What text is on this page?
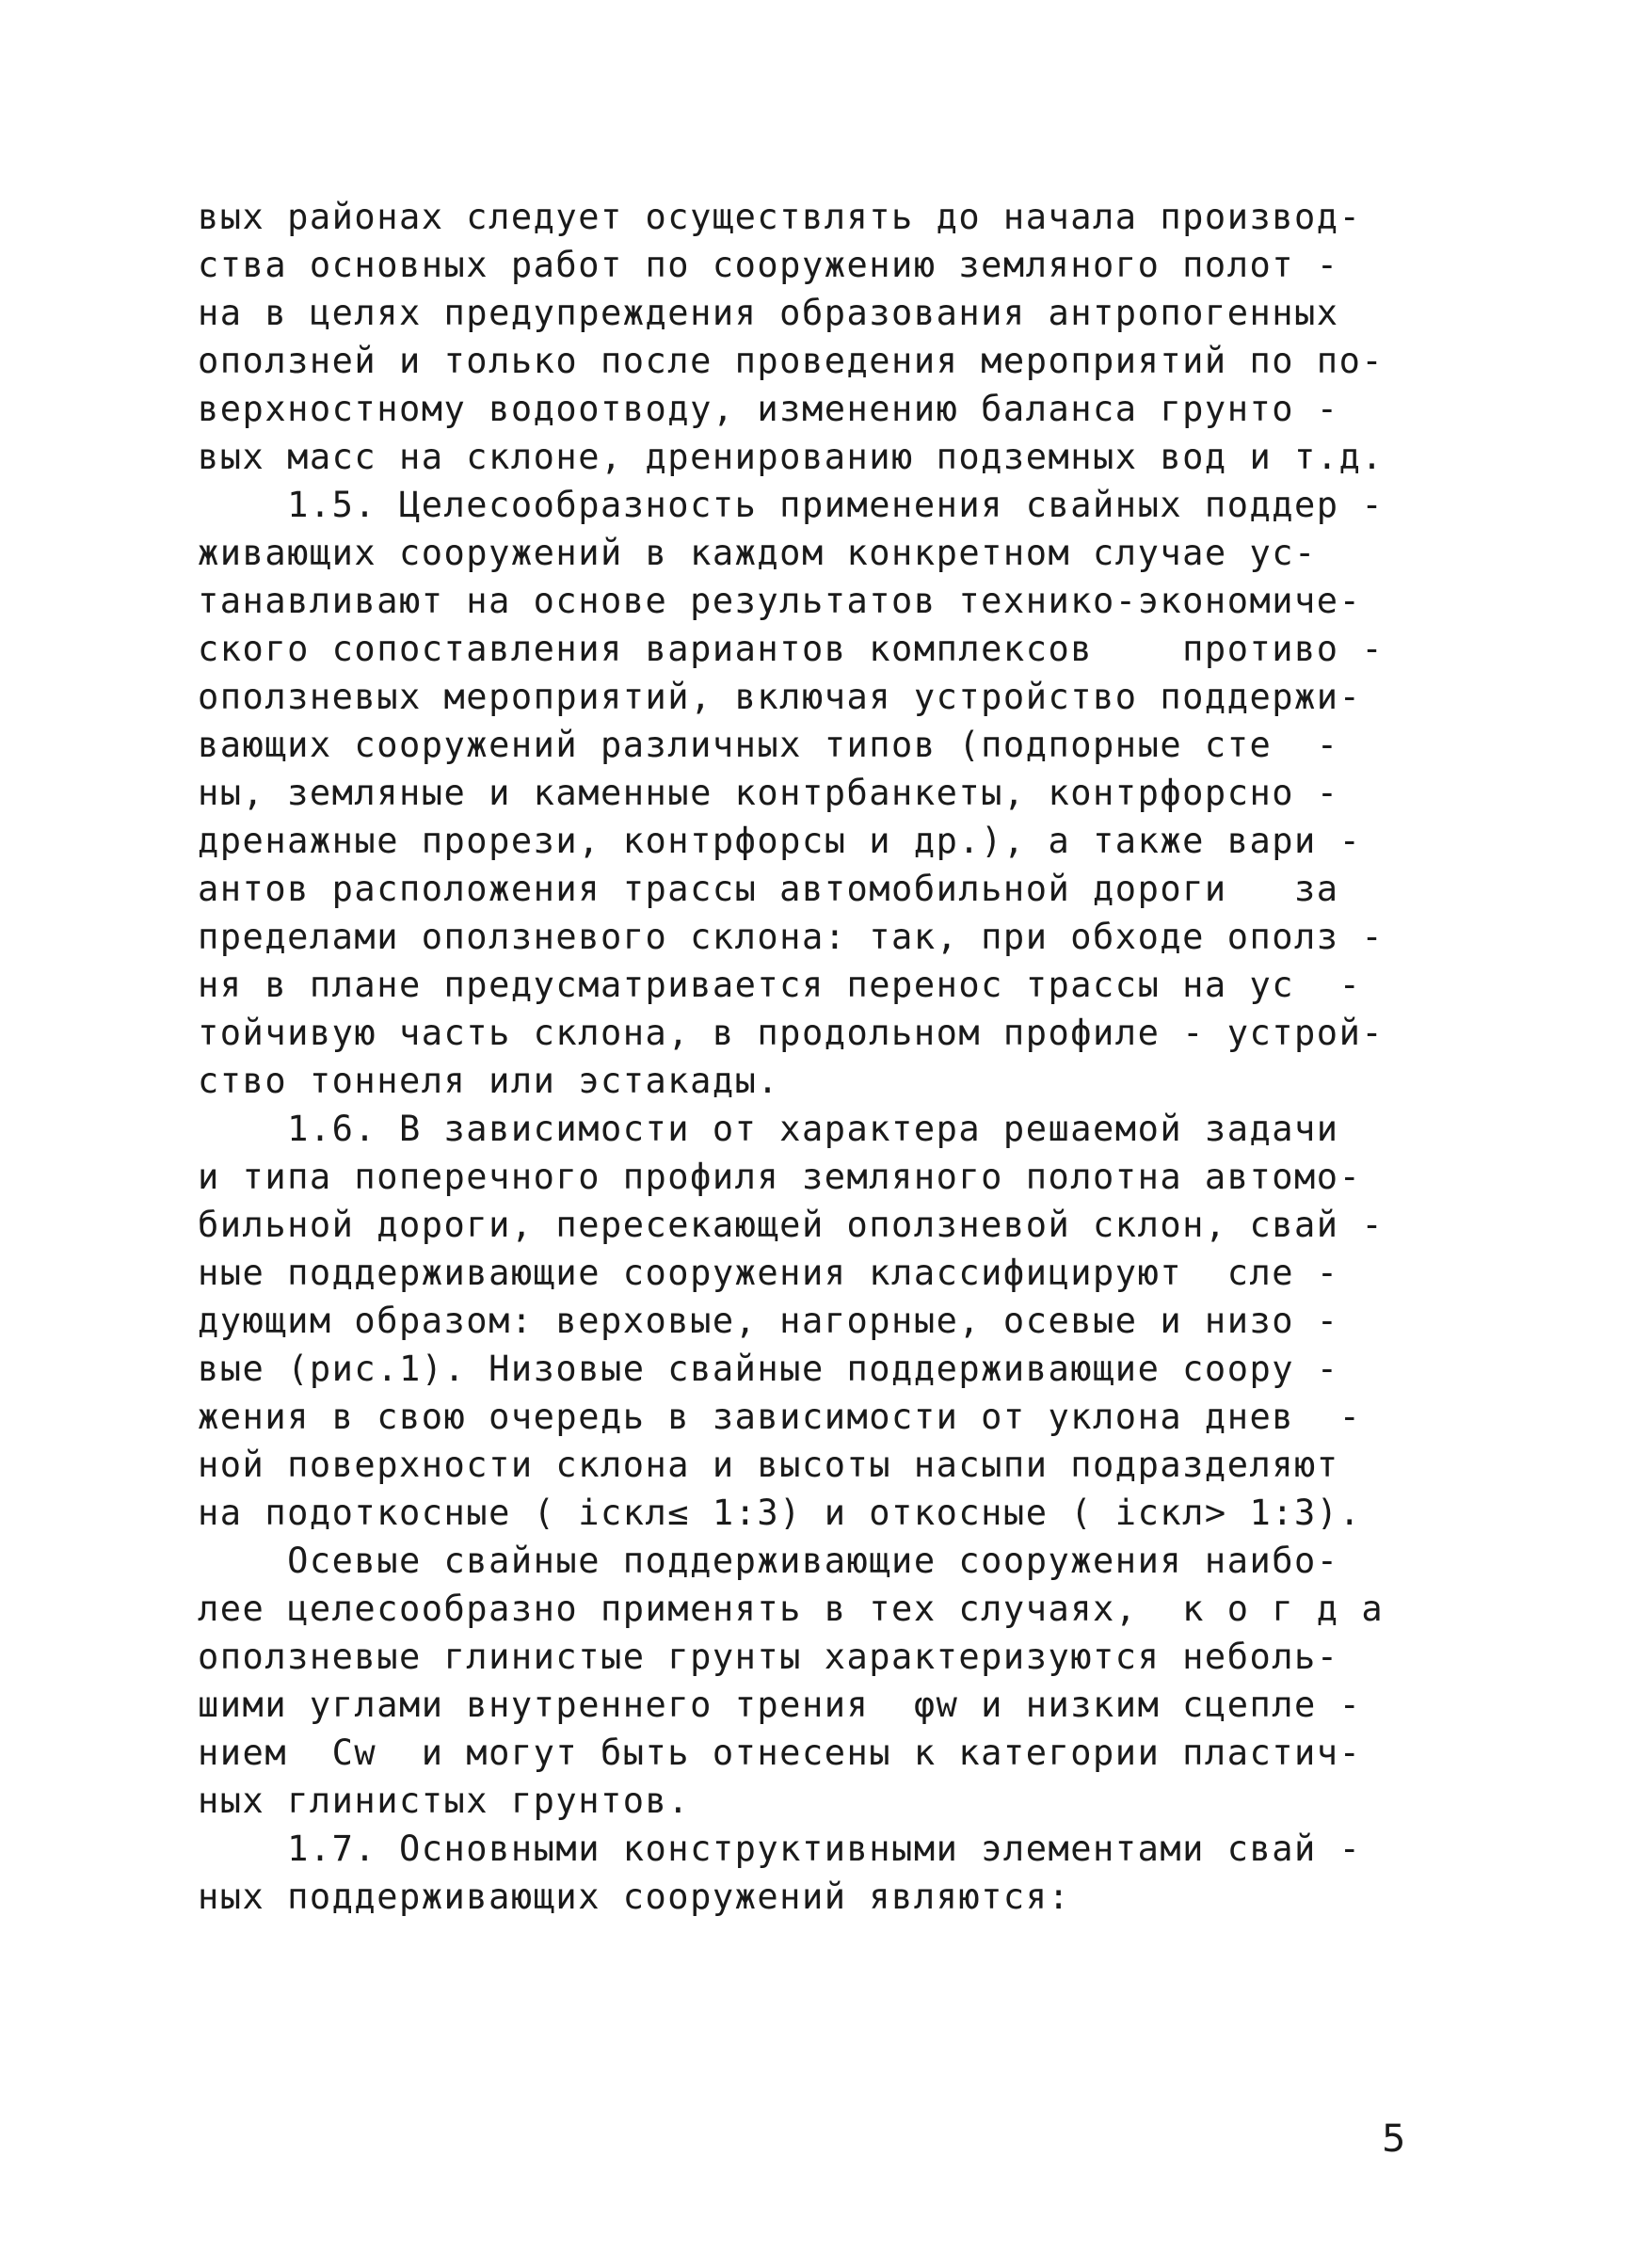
вых районах следует осуществлять до начала производ-
ства основных работ по сооружению земляного полот -
на в целях предупреждения образования антропогенных
оползней и только после проведения мероприятий по по-
верхностному водоотводу, изменению баланса грунто -
вых масс на склоне, дренированию подземных вод и т.д.
1.5. Целесообразность применения свайных поддер -
живающих сооружений в каждом конкретном случае ус-
танавливают на основе результатов технико-экономиче-
ского сопоставления вариантов комплексов    противо -
оползневых мероприятий, включая устройство поддержи-
вающих сооружений различных типов (подпорные сте  -
ны, земляные и каменные контрбанкеты, контрфорсно -
дренажные прорези, контрфорсы и др.), а также вари -
антов расположения трассы автомобильной дороги   за
пределами оползневого склона: так, при обходе ополз -
ня в плане предусматривается перенос трассы на ус  -
тойчивую часть склона, в продольном профиле - устрой-
ство тоннеля или эстакады.
1.6. В зависимости от характера решаемой задачи
и типа поперечного профиля земляного полотна автомо-
бильной дороги, пересекающей оползневой склон, свай -
ные поддерживающие сооружения классифицируют  сле -
дующим образом: верховые, нагорные, осевые и низо -
вые (рис.1). Низовые свайные поддерживающие соору -
жения в свою очередь в зависимости от уклона днев  -
ной поверхности склона и высоты насыпи подразделяют
на подоткосные ( iскл≤ 1:3) и откосные ( iскл> 1:3).
Осевые свайные поддерживающие сооружения наибо-
лее целесообразно применять в тех случаях,  к о г д а
оползневые глинистые грунты характеризуются неболь-
шими углами внутреннего трения  φw и низким сцепле -
нием  Cw  и могут быть отнесены к категории пластич-
ных глинистых грунтов.
1.7. Основными конструктивными элементами свай -
ных поддерживающих сооружений являются:
5
